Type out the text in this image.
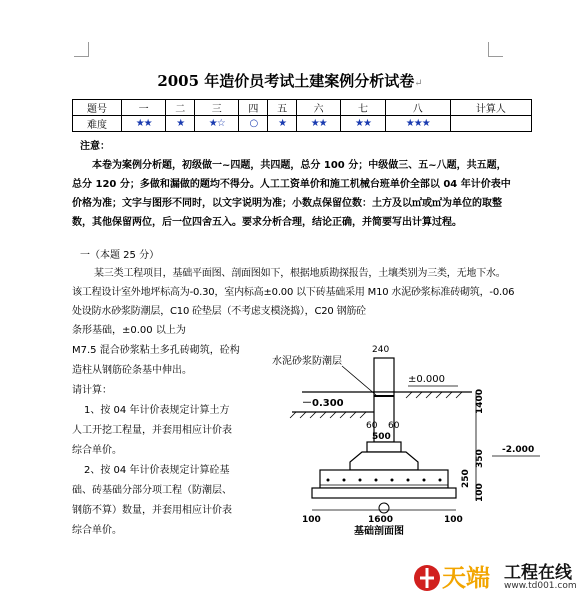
2005 年造价员考试土建案例分析试卷↵
题号	一	二	三	四	五	六	七	八	计算人
难度	★★	★	★☆	○	★	★★	★★	★★★	
注意：
本卷为案例分析题，初级做一~四题，共四题，总分 100 分；中级做三、五~八题，共五题，
总分 120 分；多做和漏做的题均不得分。人工工资单价和施工机械台班单价全部以 04 年计价表中
价格为准；文字与图形不同时，以文字说明为准；小数点保留位数：土方及以㎡或㎡为单位的取整
数，其他保留两位，后一位四舍五入。要求分析合理，结论正确，并简要写出计算过程。
一（本题 25 分）
某三类工程项目，基础平面图、剖面图如下，根据地质勘探报告，土壤类别为三类，无地下水。
该工程设计室外地坪标高为-0.30，室内标高±0.00 以下砖基础采用 M10 水泥砂浆标准砖砌筑，-0.06
处设防水砂浆防潮层，C10 砼垫层（不考虑支模浇捣），C20 钢筋砼
条形基础，±0.00 以上为
M7.5 混合砂浆粘土多孔砖砌筑，砼构
造柱从钢筋砼条基中伸出。
请计算：
1、按 04 年计价表规定计算土方
人工开挖工程量，并套用相应计价表
综合单价。
2、按 04 年计价表规定计算砼基
础、砖基础分部分项工程（防潮层、
钢筋不算）数量，并套用相应计价表
综合单价。
水泥砂浆防潮层
240
±0.000
－0.300
60 60
500
100	1600	100
1400
350
250
100
-2.000
基础剖面图
天端 工程在线
www.td001.com
